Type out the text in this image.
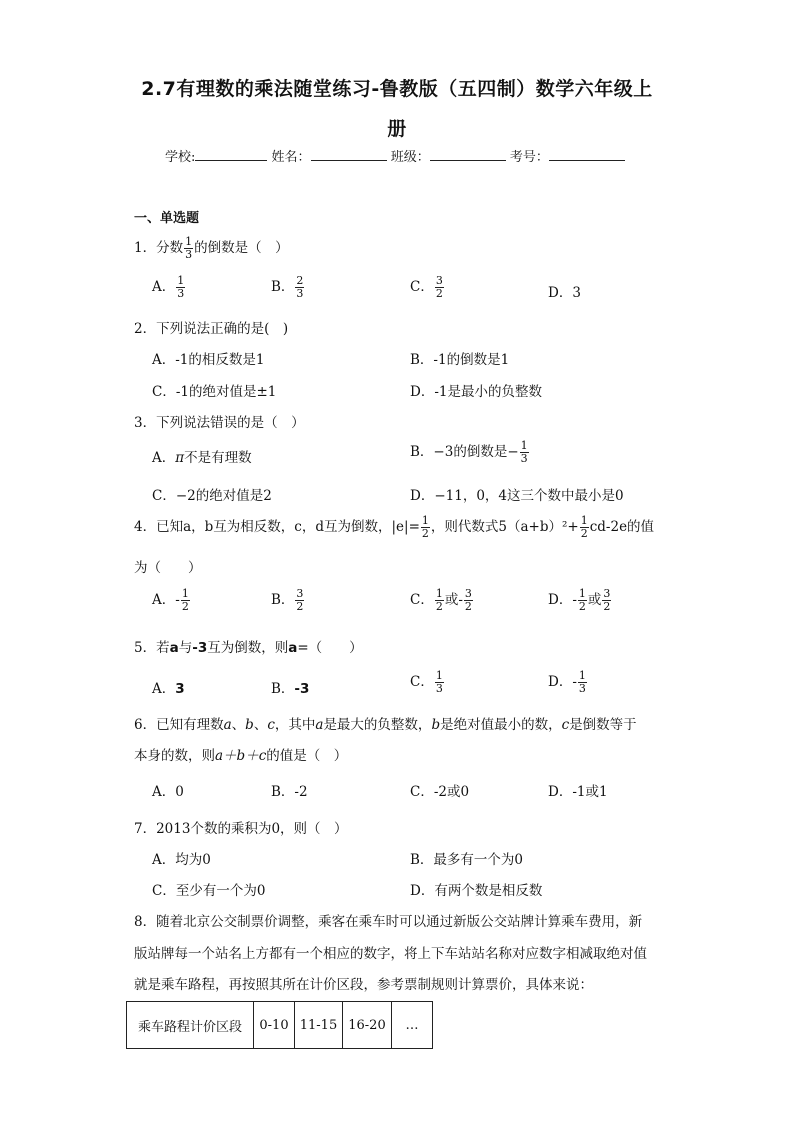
2.7有理数的乘法随堂练习-鲁教版（五四制）数学六年级上
册
学校:	姓名：	班级：	考号：
一、单选题
1．分数 $\frac{1}{3}$ 的倒数是（　）
A． $\frac{1}{3}$	B． $\frac{2}{3}$	C． $\frac{3}{2}$	D．3
2．下列说法正确的是(　)
A．-1的相反数是1	B．-1的倒数是1
C．-1的绝对值是±1	D．-1是最小的负整数
3．下列说法错误的是（　）
A．π不是有理数	B．−3的倒数是− $\frac{1}{3}$
C．−2的绝对值是2	D．−11，0，4这三个数中最小是0
4．已知a，b互为相反数，c，d互为倒数，$|e|= \frac{1}{2}$ ，则代数式$5(a+b)^2+ \frac{1}{2} cd-2e$的值
为（　　）
A．- $\frac{1}{2}$	B． $\frac{3}{2}$	C． $\frac{1}{2}$ 或- $\frac{3}{2}$	D．- $\frac{1}{2}$ 或 $\frac{3}{2}$
5．若a与-3互为倒数，则a=（　　）
A．3	B．-3	C． $\frac{1}{3}$	D．- $\frac{1}{3}$
6．已知有理数a、b、c，其中a是最大的负整数，b是绝对值最小的数，c是倒数等于
本身的数，则a＋b＋c的值是（　）
A．0	B．-2	C．-2或0	D．-1或1
7．2013个数的乘积为0，则（　）
A．均为0	B．最多有一个为0
C．至少有一个为0	D．有两个数是相反数
8．随着北京公交制票价调整，乘客在乘车时可以通过新版公交站牌计算乘车费用，新
版站牌每一个站名上方都有一个相应的数字，将上下车站站名称对应数字相减取绝对值
就是乘车路程，再按照其所在计价区段，参考票制规则计算票价，具体来说：
乘车路程计价区段	0-10	11-15	16-20	…
